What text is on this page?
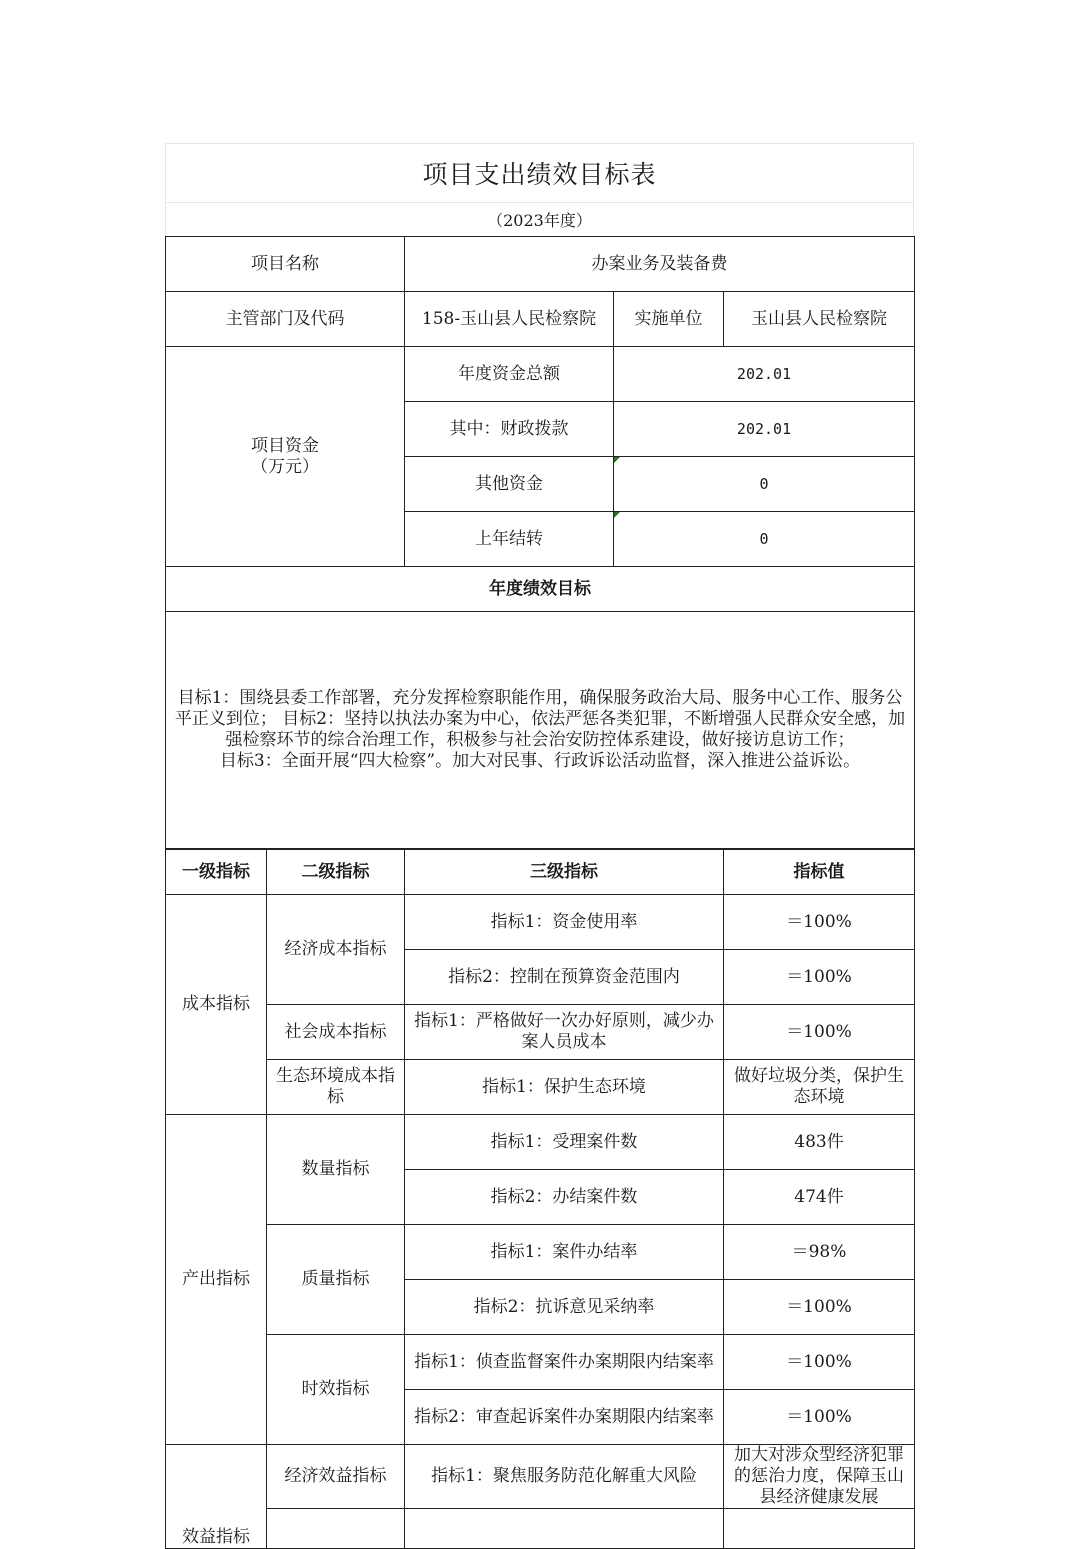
项目支出绩效目标表
（2023年度）
项目名称	办案业务及装备费		
主管部门及代码	158-玉山县人民检察院	实施单位	玉山县人民检察院
项目资金
（万元）	年度资金总额	202.01	
	其中：财政拨款	202.01	
	其他资金	0	
	上年结转	0	
年度绩效目标			

目标1：围绕县委工作部署，充分发挥检察职能作用，确保服务政治大局、服务中心工作、服务公平正义到位； 目标2：坚持以执法办案为中心，依法严惩各类犯罪，不断增强人民群众安全感，加强检察环节的综合治理工作，积极参与社会治安防控体系建设，做好接访息访工作；
目标3：全面开展“四大检察”。加大对民事、行政诉讼活动监督，深入推进公益诉讼。			
一级指标	二级指标	三级指标	指标值
成本指标	经济成本指标	指标1：资金使用率	＝100%
		指标2：控制在预算资金范围内	＝100%
	社会成本指标	指标1：严格做好一次办好原则，减少办案人员成本	＝100%
	生态环境成本指标	指标1：保护生态环境	做好垃圾分类，保护生态环境
产出指标	数量指标	指标1：受理案件数	483件
		指标2：办结案件数	474件
	质量指标	指标1：案件办结率	＝98%
		指标2：抗诉意见采纳率	＝100%
	时效指标	指标1：侦查监督案件办案期限内结案率	＝100%
		指标2：审查起诉案件办案期限内结案率	＝100%
效益指标	经济效益指标	指标1：聚焦服务防范化解重大风险	加大对涉众型经济犯罪的惩治力度，保障玉山县经济健康发展
